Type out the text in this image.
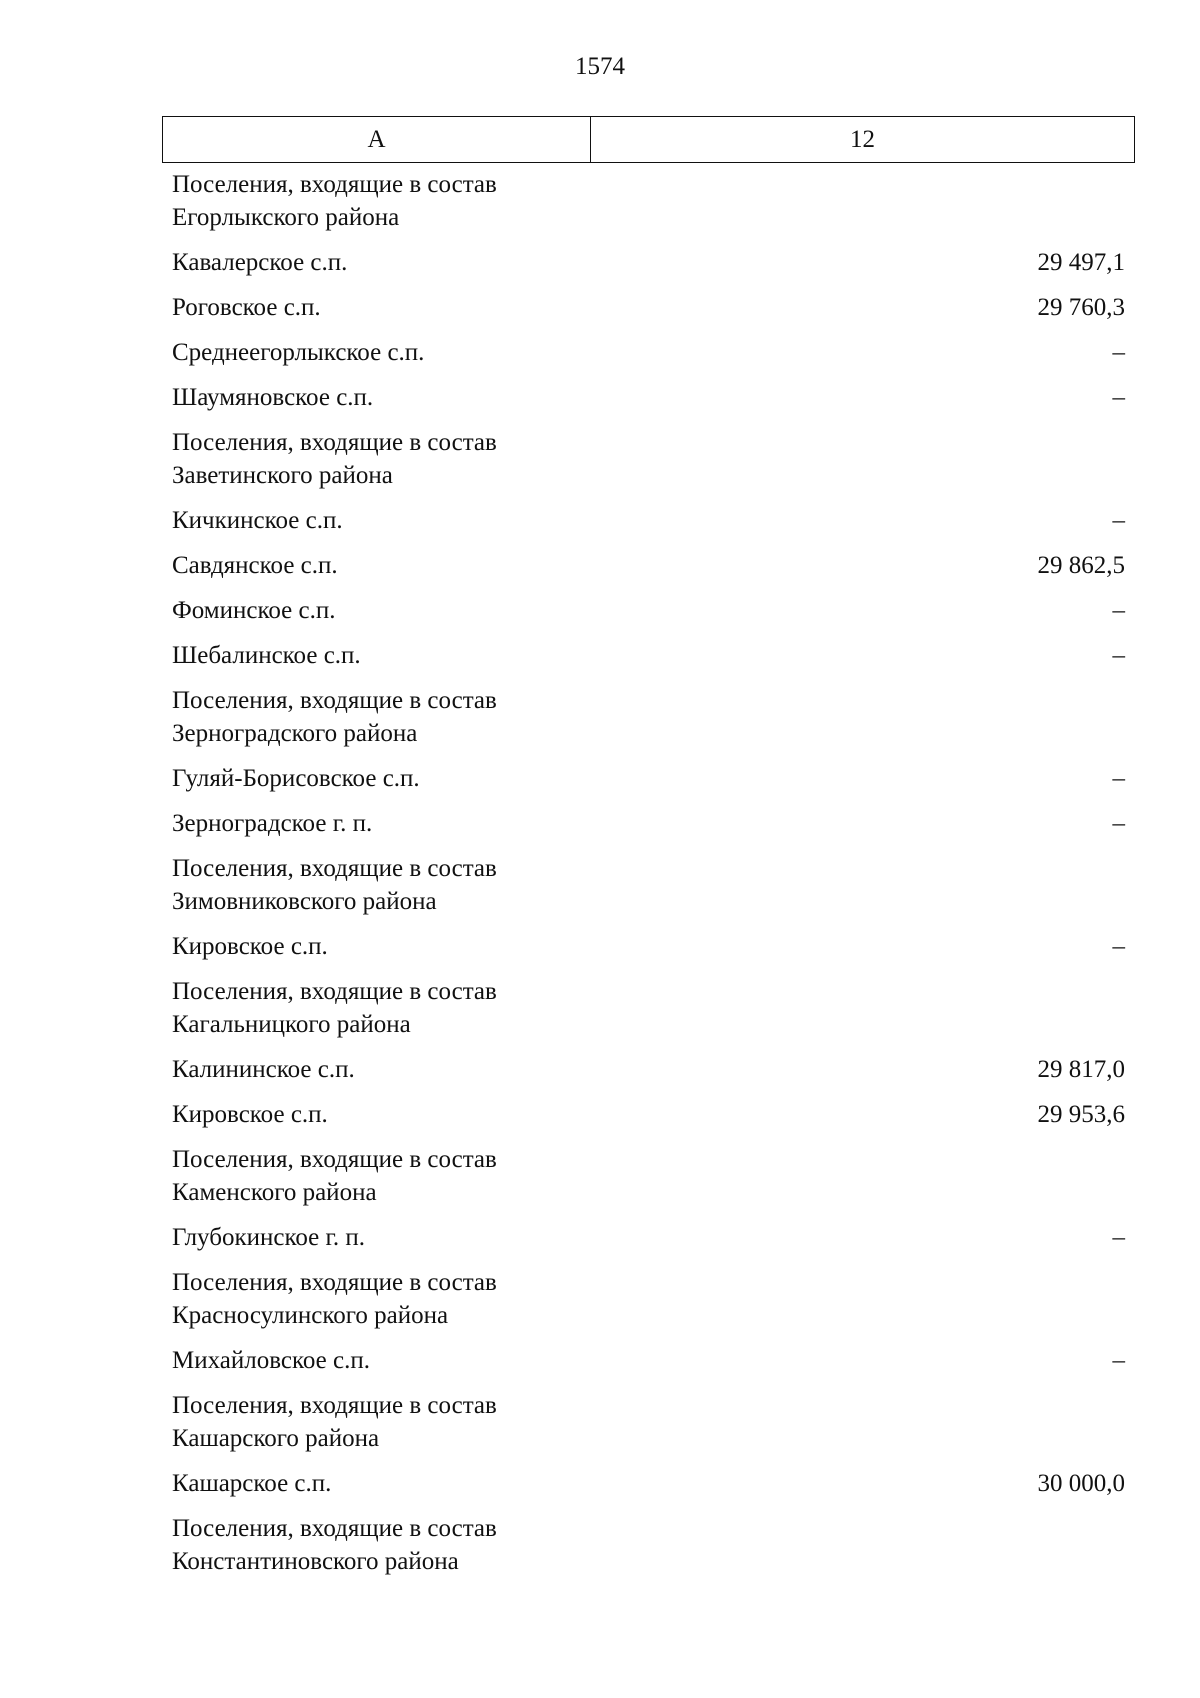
1574
А	12
Поселения, входящие в состав
Егорлыкского района
Кавалерское с.п.	29 497,1
Роговское с.п.	29 760,3
Среднеегорлыкское с.п.	–
Шаумяновское с.п.	–
Поселения, входящие в состав
Заветинского района
Кичкинское с.п.	–
Савдянское с.п.	29 862,5
Фоминское с.п.	–
Шебалинское с.п.	–
Поселения, входящие в состав
Зерноградского района
Гуляй-Борисовское с.п.	–
Зерноградское г. п.	–
Поселения, входящие в состав
Зимовниковского района
Кировское с.п.	–
Поселения, входящие в состав
Кагальницкого района
Калининское с.п.	29 817,0
Кировское с.п.	29 953,6
Поселения, входящие в состав
Каменского района
Глубокинское г. п.	–
Поселения, входящие в состав
Красносулинского района
Михайловское с.п.	–
Поселения, входящие в состав
Кашарского района
Кашарское с.п.	30 000,0
Поселения, входящие в состав
Константиновского района
